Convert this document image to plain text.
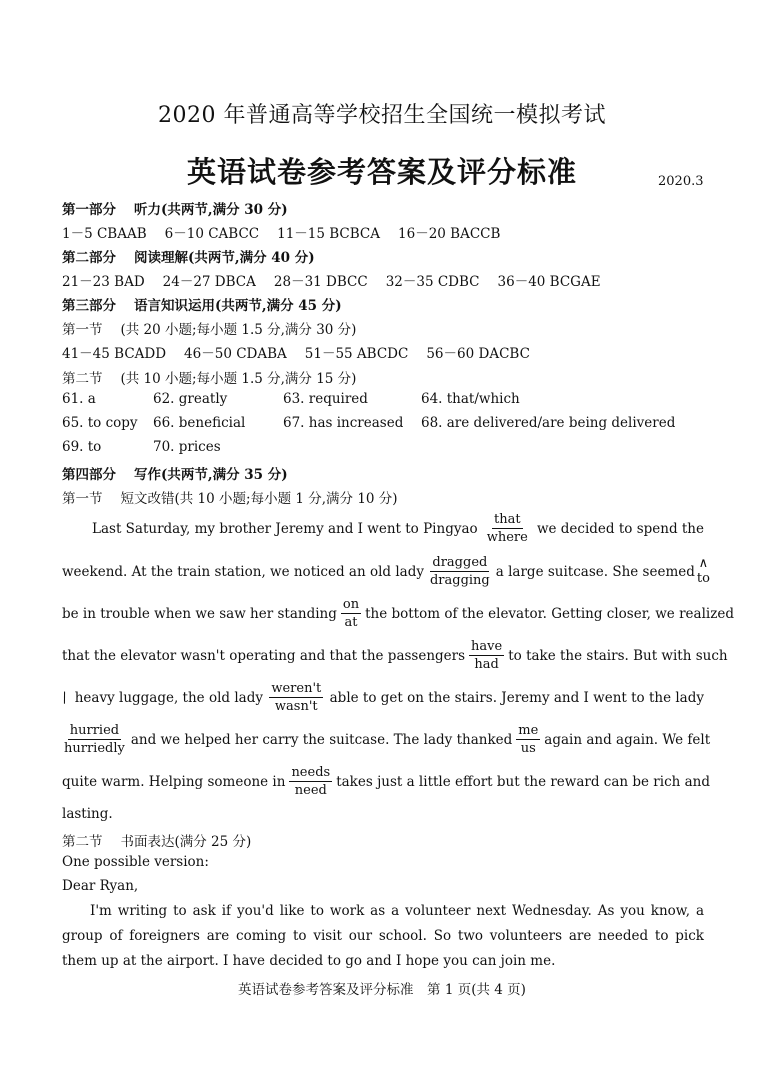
2020 年普通高等学校招生全国统一模拟考试
英语试卷参考答案及评分标准	2020.3
第一部分 听力(共两节,满分 30 分)
1－5 CBAAB 6－10 CABCC 11－15 BCBCA 16－20 BACCB
第二部分 阅读理解(共两节,满分 40 分)
21－23 BAD 24－27 DBCA 28－31 DBCC 32－35 CDBC 36－40 BCGAE
第三部分 语言知识运用(共两节,满分 45 分)
第一节 (共 20 小题;每小题 1.5 分,满分 30 分)
41－45 BCADD 46－50 CDABA 51－55 ABCDC 56－60 DACBC
第二节 (共 10 小题;每小题 1.5 分,满分 15 分)
61. a	62. greatly	63. required	64. that/which
65. to copy 66. beneficial	67. has increased 68. are delivered/are being delivered
69. to	70. prices
第四部分 写作(共两节,满分 35 分)
第一节 短文改错(共 10 小题;每小题 1 分,满分 10 分)
Last Saturday, my brother Jeremy and I went to Pingyao $\frac{\text{that}}{\text{where}}$ we decided to spend the
weekend. At the train station, we noticed an old lady $\frac{\text{dragged}}{\text{dragging}}$ a large suitcase. She seemed
∧
to
be in trouble when we saw her standing $\frac{on}{at}$ the bottom of the elevator. Getting closer, we realized
that the elevator wasn't operating and that the passengers $\frac{\text{have}}{\text{had}}$ to take the stairs. But with such
\ heavy luggage, the old lady $\frac{\text{weren't}}{\text{wasn't}}$ able to get on the stairs. Jeremy and I went to the lady
$\frac{\text{hurried}}{\text{hurriedly}}$ and we helped her carry the suitcase. The lady thanked $\frac{me}{us}$ again and again. We felt
quite warm. Helping someone in $\frac{\text{needs}}{\text{need}}$ takes just a little effort but the reward can be rich and
lasting.
第二节 书面表达(满分 25 分)
One possible version:
Dear Ryan,
I'm writing to ask if you'd like to work as a volunteer next Wednesday. As you know, a group of foreigners are coming to visit our school. So two volunteers are needed to pick them up at the airport. I have decided to go and I hope you can join me.
英语试卷参考答案及评分标准　第 1 页(共 4 页)
